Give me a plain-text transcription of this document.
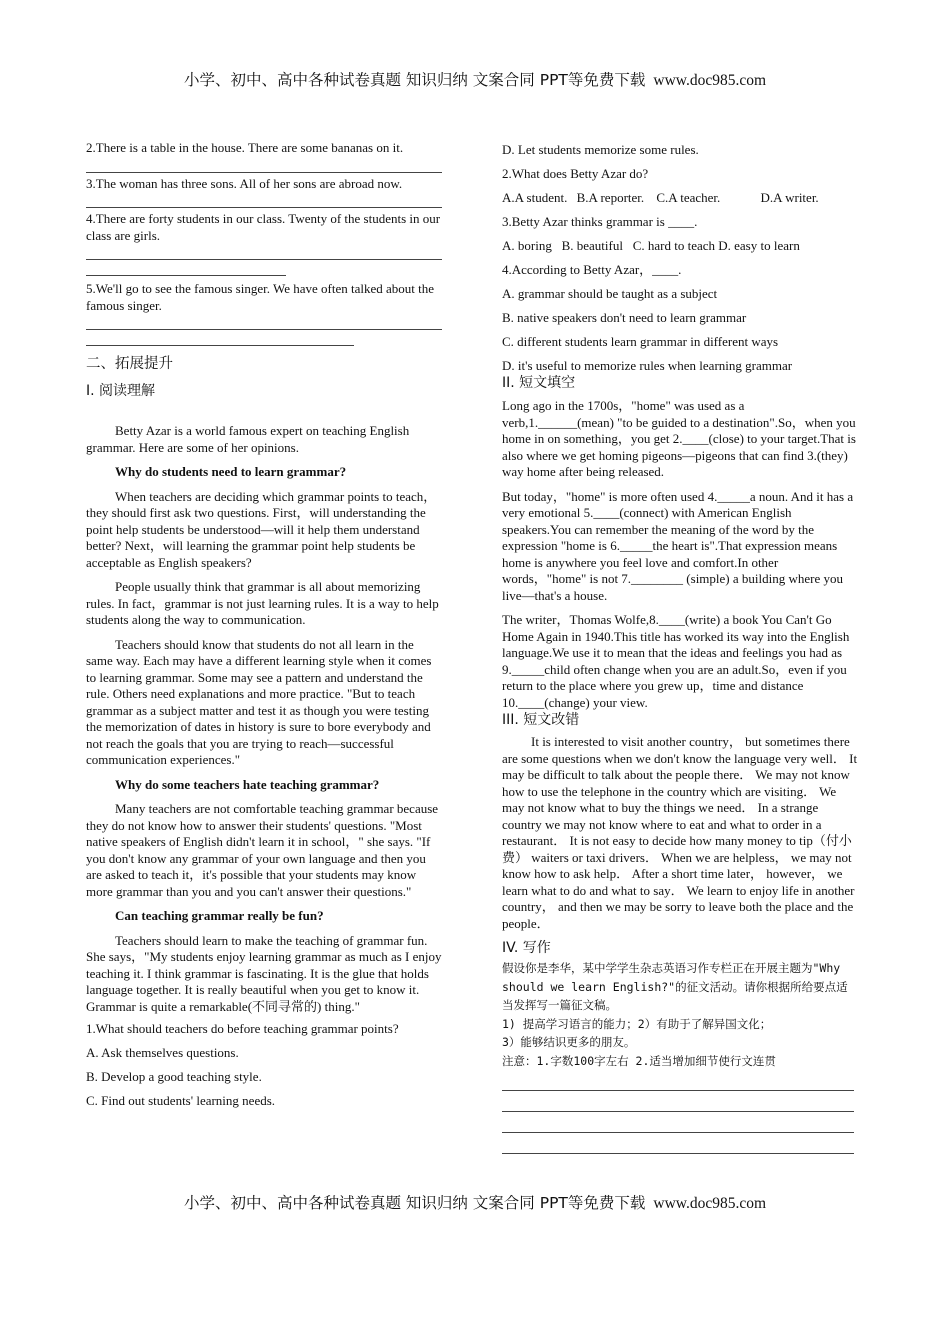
小学、初中、高中各种试卷真题 知识归纳 文案合同 PPT等免费下载 www.doc985.com

2.There is a table in the house. There are some bananas on it.

3.The woman has three sons. All of her sons are abroad now.

4.There are forty students in our class. Twenty of the students in our class are girls.

5.We'll go to see the famous singer. We have often talked about the famous singer.

二、拓展提升

I. 阅读理解

Betty Azar is a world famous expert on teaching English grammar. Here are some of her opinions.

Why do students need to learn grammar?

When teachers are deciding which grammar points to teach，they should first ask two questions. First，will understanding the point help students be understood—will it help them understand better? Next，will learning the grammar point help students be acceptable as English speakers?

People usually think that grammar is all about memorizing rules. In fact，grammar is not just learning rules. It is a way to help students along the way to communication.

Teachers should know that students do not all learn in the same way. Each may have a different learning style when it comes to learning grammar. Some may see a pattern and understand the rule. Others need explanations and more practice. "But to teach grammar as a subject matter and test it as though you were testing the memorization of dates in history is sure to bore everybody and not reach the goals that you are trying to reach—successful communication experiences."

Why do some teachers hate teaching grammar?

Many teachers are not comfortable teaching grammar because they do not know how to answer their students' questions. "Most native speakers of English didn't learn it in school，" she says. "If you don't know any grammar of your own language and then you are asked to teach it，it's possible that your students may know more grammar than you and you can't answer their questions."

Can teaching grammar really be fun?

Teachers should learn to make the teaching of grammar fun. She says，"My students enjoy learning grammar as much as I enjoy teaching it. I think grammar is fascinating. It is the glue that holds language together. It is really beautiful when you get to know it. Grammar is quite a remarkable(不同寻常的) thing."

1.What should teachers do before teaching grammar points?

A. Ask themselves questions.

B. Develop a good teaching style.

C. Find out students' learning needs.

D. Let students memorize some rules.

2.What does Betty Azar do?

A.A student. B.A reporter. C.A teacher.	D.A writer.

3.Betty Azar thinks grammar is ____.

A. boring   B. beautiful   C. hard to teach D. easy to learn

4.According to Betty Azar，____.

A. grammar should be taught as a subject

B. native speakers don't need to learn grammar

C. different students learn grammar in different ways

D. it's useful to memorize rules when learning grammar

II. 短文填空

Long ago in the 1700s，"home" was used as a verb,1.______(mean) "to be guided to a destination".So，when you home in on something，you get 2.____(close) to your target.That is also where we get homing pigeons—pigeons that can find 3.(they) way home after being released.

But today，"home" is more often used 4._____a noun. And it has a very emotional 5.____(connect) with American English speakers.You can remember the meaning of the word by the expression "home is 6._____the heart is".That expression means home is anywhere you feel love and comfort.In other words，"home" is not 7.________ (simple) a building where you live—that's a house.

The writer，Thomas Wolfe,8.____(write) a book You Can't Go Home Again in 1940.This title has worked its way into the English language.We use it to mean that the ideas and feelings you had as 9._____child often change when you are an adult.So，even if you return to the place where you grew up，time and distance 10.____(change) your view.

III. 短文改错

It is interested to visit another country， but sometimes there are some questions when we don't know the language very well． It may be difficult to talk about the people there． We may not know how to use the telephone in the country which are visiting． We may not know what to buy the things we need． In a strange country we may not know where to eat and what to order in a restaurant． It is not easy to decide how many money to tip（付小费） waiters or taxi drivers． When we are helpless， we may not know how to ask help． After a short time later， however， we learn what to do and what to say． We learn to enjoy life in another country， and then we may be sorry to leave both the place and the people．

IV. 写作

假设你是李华，某中学学生杂志英语习作专栏正在开展主题为"Why should we learn English?"的征文活动。请你根据所给要点适当发挥写一篇征文稿。

1) 提高学习语言的能力；2）有助于了解异国文化；

3）能够结识更多的朋友。

注意：1.字数100字左右 2.适当增加细节使行文连贯

小学、初中、高中各种试卷真题 知识归纳 文案合同 PPT等免费下载 www.doc985.com
